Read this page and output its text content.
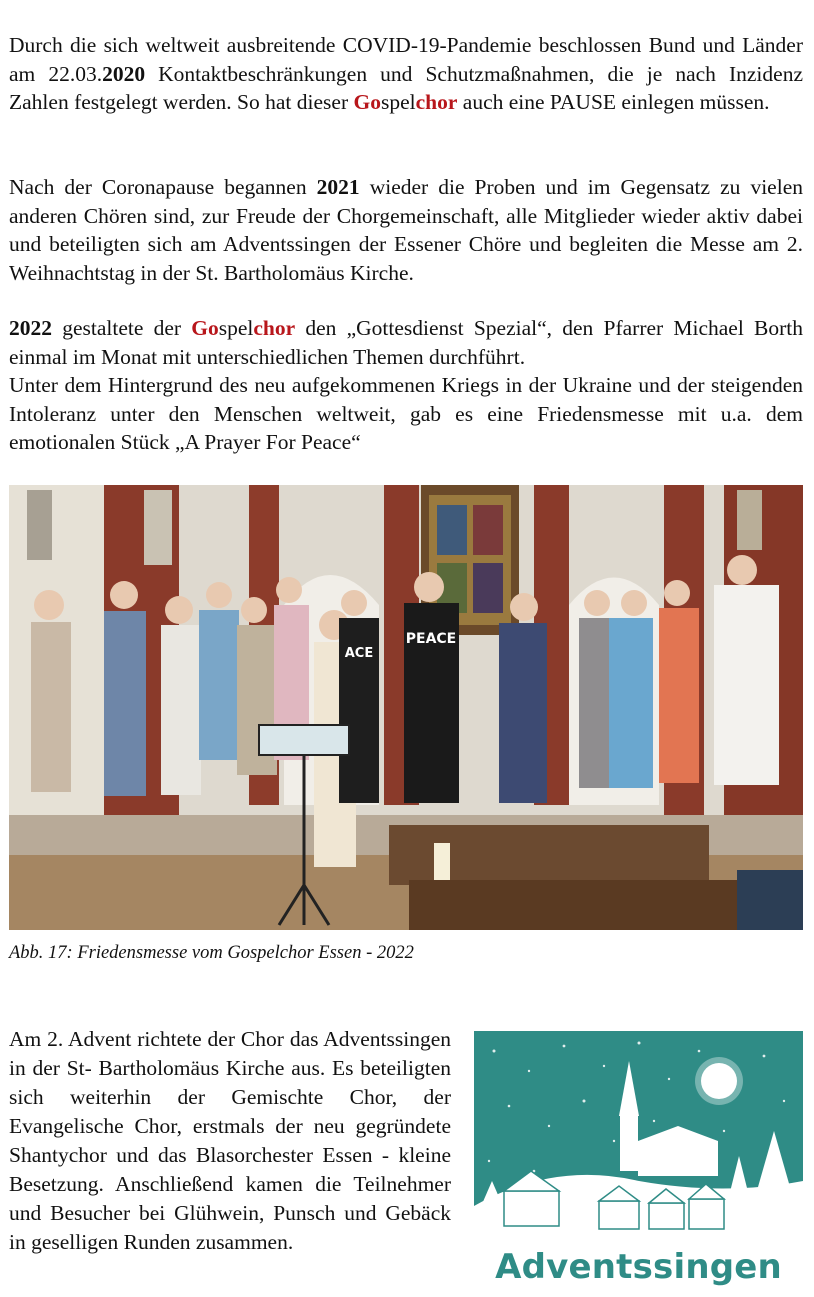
Durch die sich weltweit ausbreitende COVID-19-Pandemie beschlossen Bund und Länder am 22.03.2020 Kontaktbeschränkungen und Schutzmaßnahmen, die je nach Inzidenz Zahlen festgelegt werden. So hat dieser Gospelchor auch eine PAUSE einlegen müssen.

Nach der Coronapause begannen 2021 wieder die Proben und im Gegensatz zu vielen anderen Chören sind, zur Freude der Chorgemeinschaft, alle Mitglieder wieder aktiv dabei und beteiligten sich am Adventssingen der Essener Chöre und begleiten die Messe am 2. Weihnachtstag in der St. Bartholomäus Kirche.

2022 gestaltete der Gospelchor den „Gottesdienst Spezial“, den Pfarrer Michael Borth einmal im Monat mit unterschiedlichen Themen durchführt.

Unter dem Hintergrund des neu aufgekommenen Kriegs in der Ukraine und der steigenden Intoleranz unter den Menschen weltweit, gab es eine Friedensmesse mit u.a. dem emotionalen Stück „A Prayer For Peace“

PEACE
ACE
Abb. 17: Friedensmesse vom Gospelchor Essen - 2022

Am 2. Advent richtete der Chor das Adventssingen in der St- Bartholomäus Kirche aus. Es beteiligten sich weiterhin der Gemischte Chor, der Evangelische Chor, erstmals der neu gegründete Shantychor und das Blasorchester Essen - kleine Besetzung. Anschließend kamen die Teilnehmer und Besucher bei Glühwein, Punsch und Gebäck in geselligen Runden zusammen.

Adventssingen
